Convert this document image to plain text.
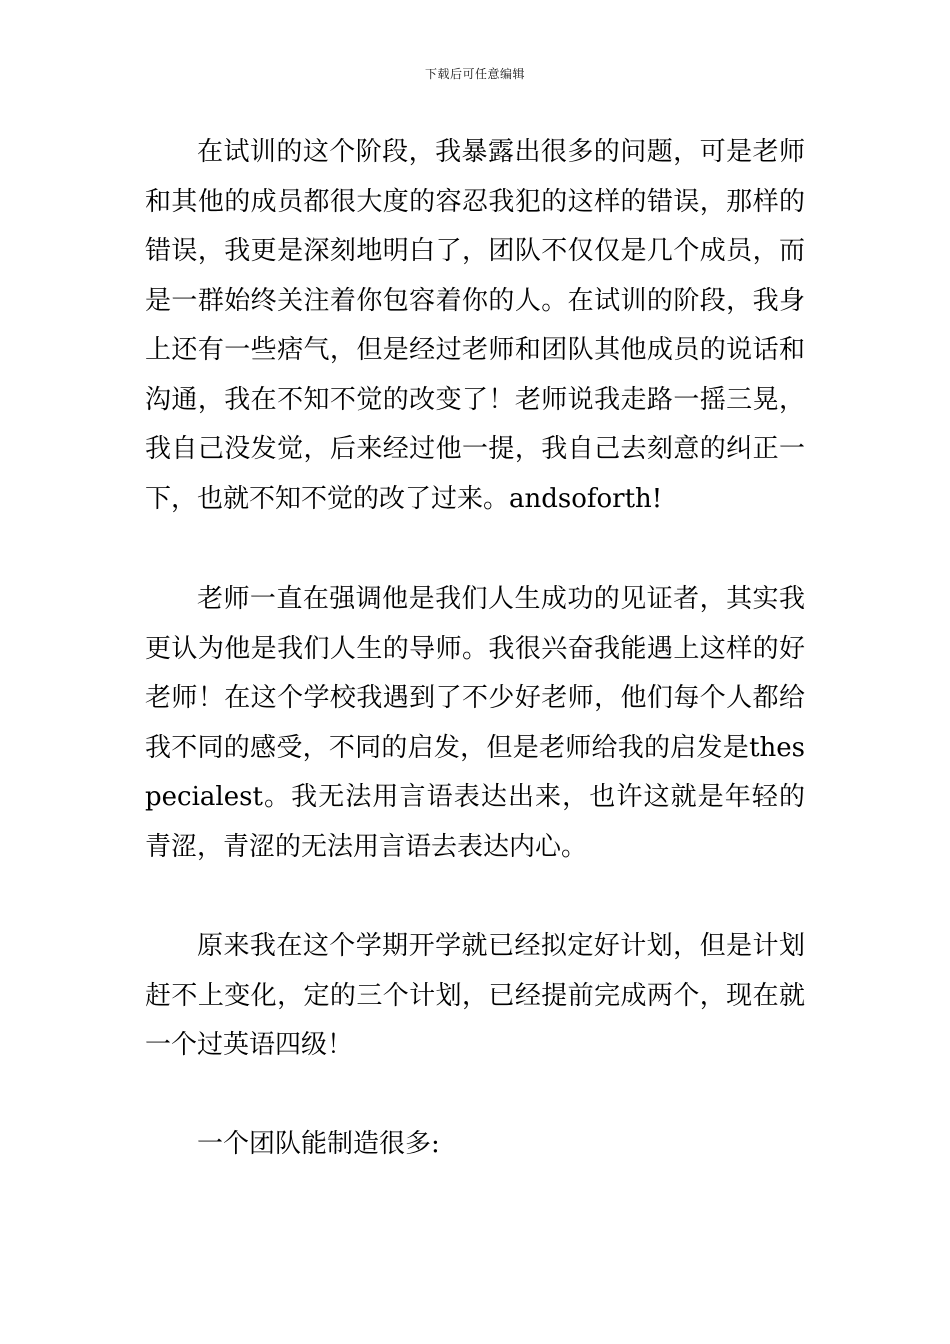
下载后可任意编辑

在试训的这个阶段，我暴露出很多的问题，可是老师和其他的成员都很大度的容忍我犯的这样的错误，那样的错误，我更是深刻地明白了，团队不仅仅是几个成员，而是一群始终关注着你包容着你的人。在试训的阶段，我身上还有一些痞气，但是经过老师和团队其他成员的说话和沟通，我在不知不觉的改变了！老师说我走路一摇三晃，我自己没发觉，后来经过他一提，我自己去刻意的纠正一下，也就不知不觉的改了过来。andsoforth!

老师一直在强调他是我们人生成功的见证者，其实我更认为他是我们人生的导师。我很兴奋我能遇上这样的好老师！在这个学校我遇到了不少好老师，他们每个人都给我不同的感受，不同的启发，但是老师给我的启发是thespecialest。我无法用言语表达出来，也许这就是年轻的青涩，青涩的无法用言语去表达内心。

原来我在这个学期开学就已经拟定好计划，但是计划赶不上变化，定的三个计划，已经提前完成两个，现在就一个过英语四级！

一个团队能制造很多:
